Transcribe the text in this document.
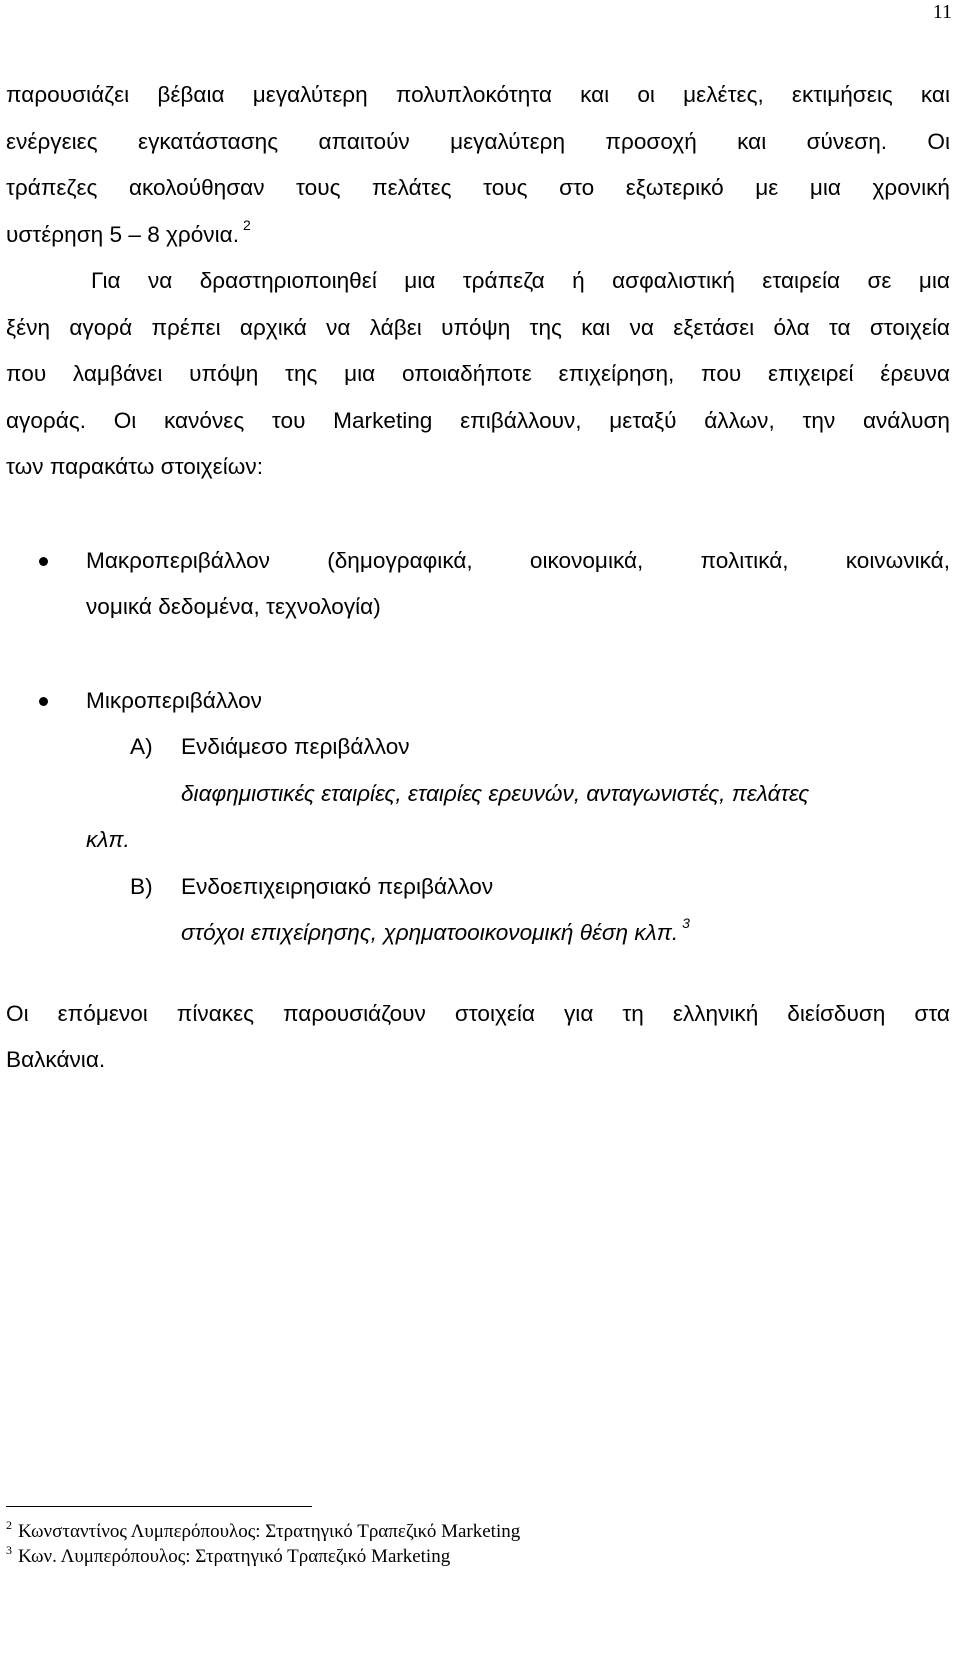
11
παρουσιάζει βέβαια μεγαλύτερη πολυπλοκότητα και οι μελέτες, εκτιμήσεις και
ενέργειες εγκατάστασης απαιτούν μεγαλύτερη προσοχή και σύνεση. Οι
τράπεζες ακολούθησαν τους πελάτες τους στο εξωτερικό με μια χρονική
υστέρηση 5 – 8 χρόνια. $^2$
Για να δραστηριοποιηθεί μια τράπεζα ή ασφαλιστική εταιρεία σε μια
ξένη αγορά πρέπει αρχικά να λάβει υπόψη της και να εξετάσει όλα τα στοιχεία
που λαμβάνει υπόψη της μια οποιαδήποτε επιχείρηση, που επιχειρεί έρευνα
αγοράς. Οι κανόνες του Marketing επιβάλλουν, μεταξύ άλλων, την ανάλυση
των παρακάτω στοιχείων:
Μακροπεριβάλλον (δημογραφικά, οικονομικά, πολιτικά, κοινωνικά,
νομικά δεδομένα, τεχνολογία)
Μικροπεριβάλλον
A) Ενδιάμεσο περιβάλλον
διαφημιστικές εταιρίες, εταιρίες ερευνών, ανταγωνιστές, πελάτες
κλπ.
B) Ενδοεπιχειρησιακό περιβάλλον
στόχοι επιχείρησης, χρηματοοικονομική θέση κλπ. $^3$
Οι επόμενοι πίνακες παρουσιάζουν στοιχεία για τη ελληνική διείσδυση στα
Βαλκάνια.
$^2$ Κωνσταντίνος Λυμπερόπουλος: Στρατηγικό Τραπεζικό Marketing
$^3$ Κων. Λυμπερόπουλος: Στρατηγικό Τραπεζικό Marketing
